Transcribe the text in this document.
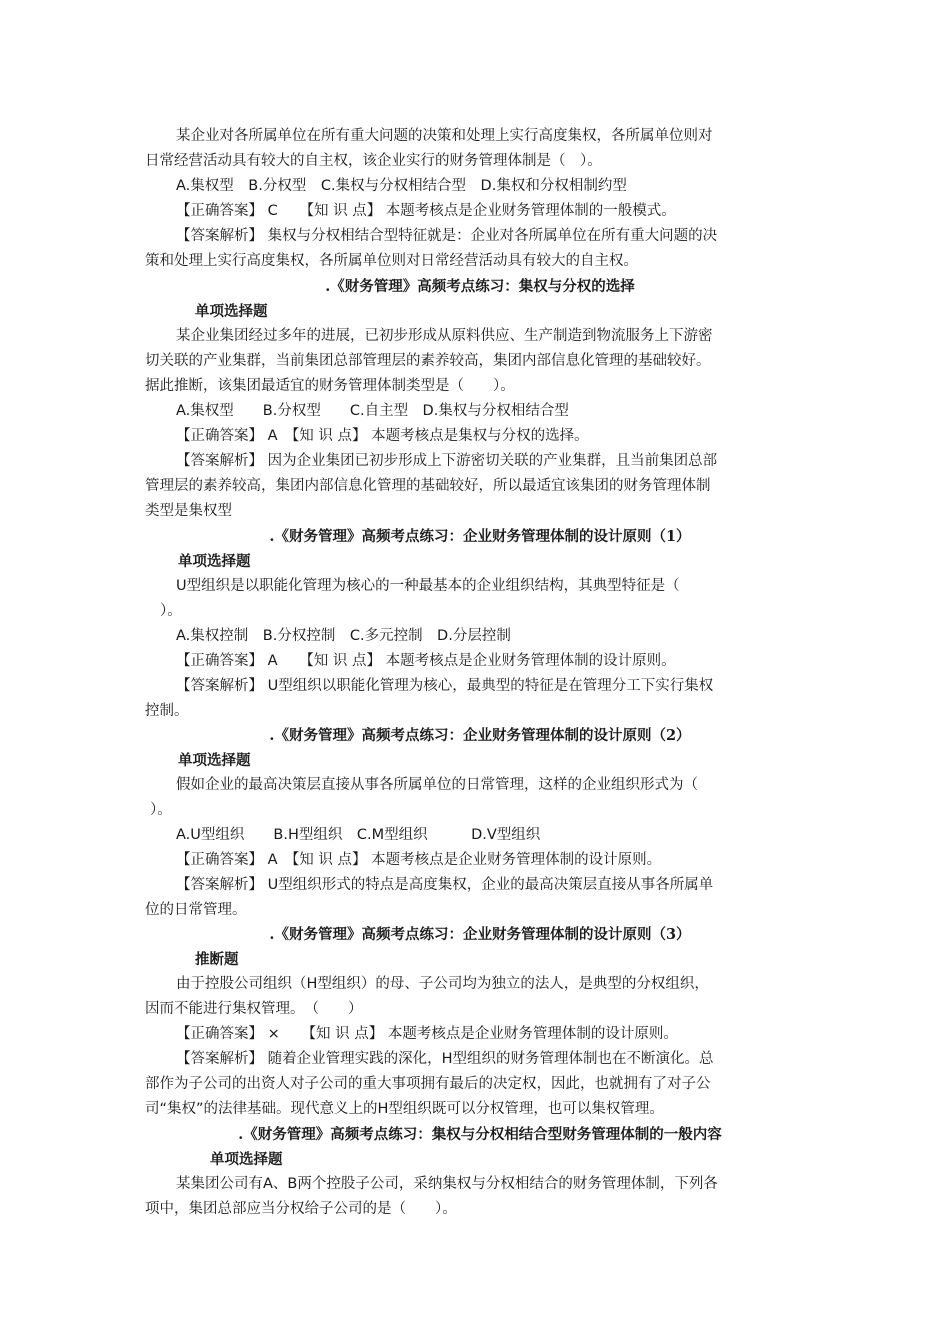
某企业对各所属单位在所有重大问题的决策和处理上实行高度集权，各所属单位则对
日常经营活动具有较大的自主权，该企业实行的财务管理体制是（　）。
A.集权型　B.分权型　C.集权与分权相结合型　D.集权和分权相制约型
【正确答案】 C　　【知 识 点】 本题考核点是企业财务管理体制的一般模式。
【答案解析】 集权与分权相结合型特征就是：企业对各所属单位在所有重大问题的决
策和处理上实行高度集权，各所属单位则对日常经营活动具有较大的自主权。
.《财务管理》高频考点练习：集权与分权的选择
单项选择题
某企业集团经过多年的进展，已初步形成从原料供应、生产制造到物流服务上下游密
切关联的产业集群，当前集团总部管理层的素养较高，集团内部信息化管理的基础较好。
据此推断，该集团最适宜的财务管理体制类型是（　　）。
A.集权型　　B.分权型　　C.自主型　D.集权与分权相结合型
【正确答案】 A　【知 识 点】 本题考核点是集权与分权的选择。
【答案解析】 因为企业集团已初步形成上下游密切关联的产业集群，且当前集团总部
管理层的素养较高，集团内部信息化管理的基础较好，所以最适宜该集团的财务管理体制
类型是集权型
.《财务管理》高频考点练习：企业财务管理体制的设计原则（1）
单项选择题
U型组织是以职能化管理为核心的一种最基本的企业组织结构，其典型特征是（
）。
A.集权控制　B.分权控制　C.多元控制　D.分层控制
【正确答案】 A　　【知 识 点】 本题考核点是企业财务管理体制的设计原则。
【答案解析】 U型组织以职能化管理为核心，最典型的特征是在管理分工下实行集权
控制。
.《财务管理》高频考点练习：企业财务管理体制的设计原则（2）
单项选择题
假如企业的最高决策层直接从事各所属单位的日常管理，这样的企业组织形式为（
）。
A.U型组织　　B.H型组织　C.M型组织　　　D.V型组织
【正确答案】 A　【知 识 点】 本题考核点是企业财务管理体制的设计原则。
【答案解析】 U型组织形式的特点是高度集权，企业的最高决策层直接从事各所属单
位的日常管理。
.《财务管理》高频考点练习：企业财务管理体制的设计原则（3）
推断题
由于控股公司组织（H型组织）的母、子公司均为独立的法人，是典型的分权组织，
因而不能进行集权管理。　（　　）
【正确答案】 ×　　【知 识 点】 本题考核点是企业财务管理体制的设计原则。
【答案解析】 随着企业管理实践的深化，H型组织的财务管理体制也在不断演化。总
部作为子公司的出资人对子公司的重大事项拥有最后的决定权，因此，也就拥有了对子公
司“集权”的法律基础。现代意义上的H型组织既可以分权管理，也可以集权管理。
.《财务管理》高频考点练习：集权与分权相结合型财务管理体制的一般内容
单项选择题
某集团公司有A、B两个控股子公司，采纳集权与分权相结合的财务管理体制，下列各
项中，集团总部应当分权给子公司的是（　　）。
